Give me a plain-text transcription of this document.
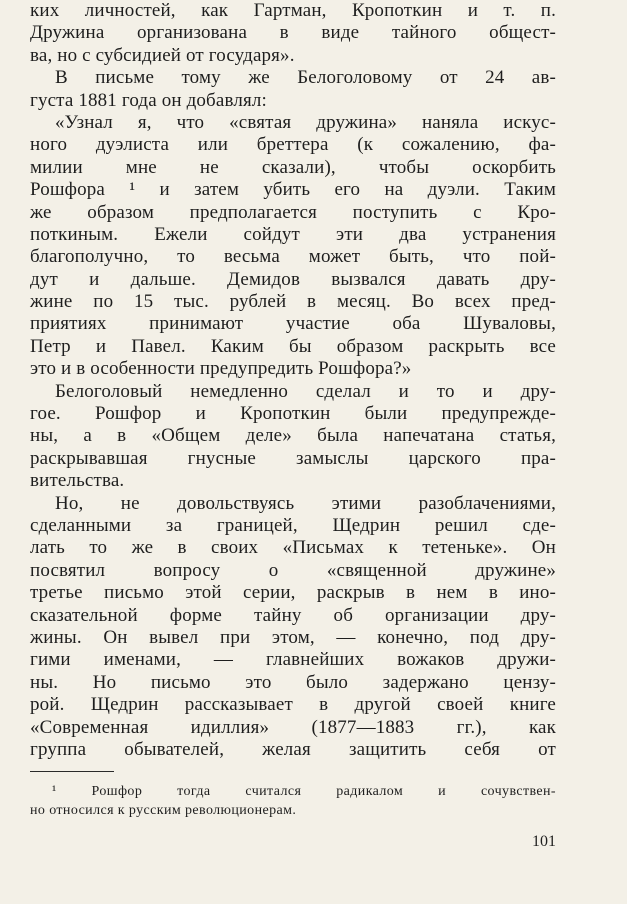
ких личностей, как Гартман, Кропоткин и т. п.
Дружина организована в виде тайного общест-
ва, но с субсидией от государя».
В письме тому же Белоголовому от 24 ав-
густа 1881 года он добавлял:
«Узнал я, что «святая дружина» наняла искус-
ного дуэлиста или бреттера (к сожалению, фа-
милии мне не сказали), чтобы оскорбить
Рошфора ¹ и затем убить его на дуэли. Таким
же образом предполагается поступить с Кро-
поткиным. Ежели сойдут эти два устранения
благополучно, то весьма может быть, что пой-
дут и дальше. Демидов вызвался давать дру-
жине по 15 тыс. рублей в месяц. Во всех пред-
приятиях принимают участие оба Шуваловы,
Петр и Павел. Каким бы образом раскрыть все
это и в особенности предупредить Рошфора?»
Белоголовый немедленно сделал и то и дру-
гое. Рошфор и Кропоткин были предупрежде-
ны, а в «Общем деле» была напечатана статья,
раскрывавшая гнусные замыслы царского пра-
вительства.
Но, не довольствуясь этими разоблачениями,
сделанными за границей, Щедрин решил сде-
лать то же в своих «Письмах к тетеньке». Он
посвятил вопросу о «священной дружине»
третье письмо этой серии, раскрыв в нем в ино-
сказательной форме тайну об организации дру-
жины. Он вывел при этом, — конечно, под дру-
гими именами, — главнейших вожаков дружи-
ны. Но письмо это было задержано цензу-
рой. Щедрин рассказывает в другой своей книге
«Современная идиллия» (1877—1883 гг.), как
группа обывателей, желая защитить себя от
¹ Рошфор тогда считался радикалом и сочувствен-
но относился к русским революционерам.
101
